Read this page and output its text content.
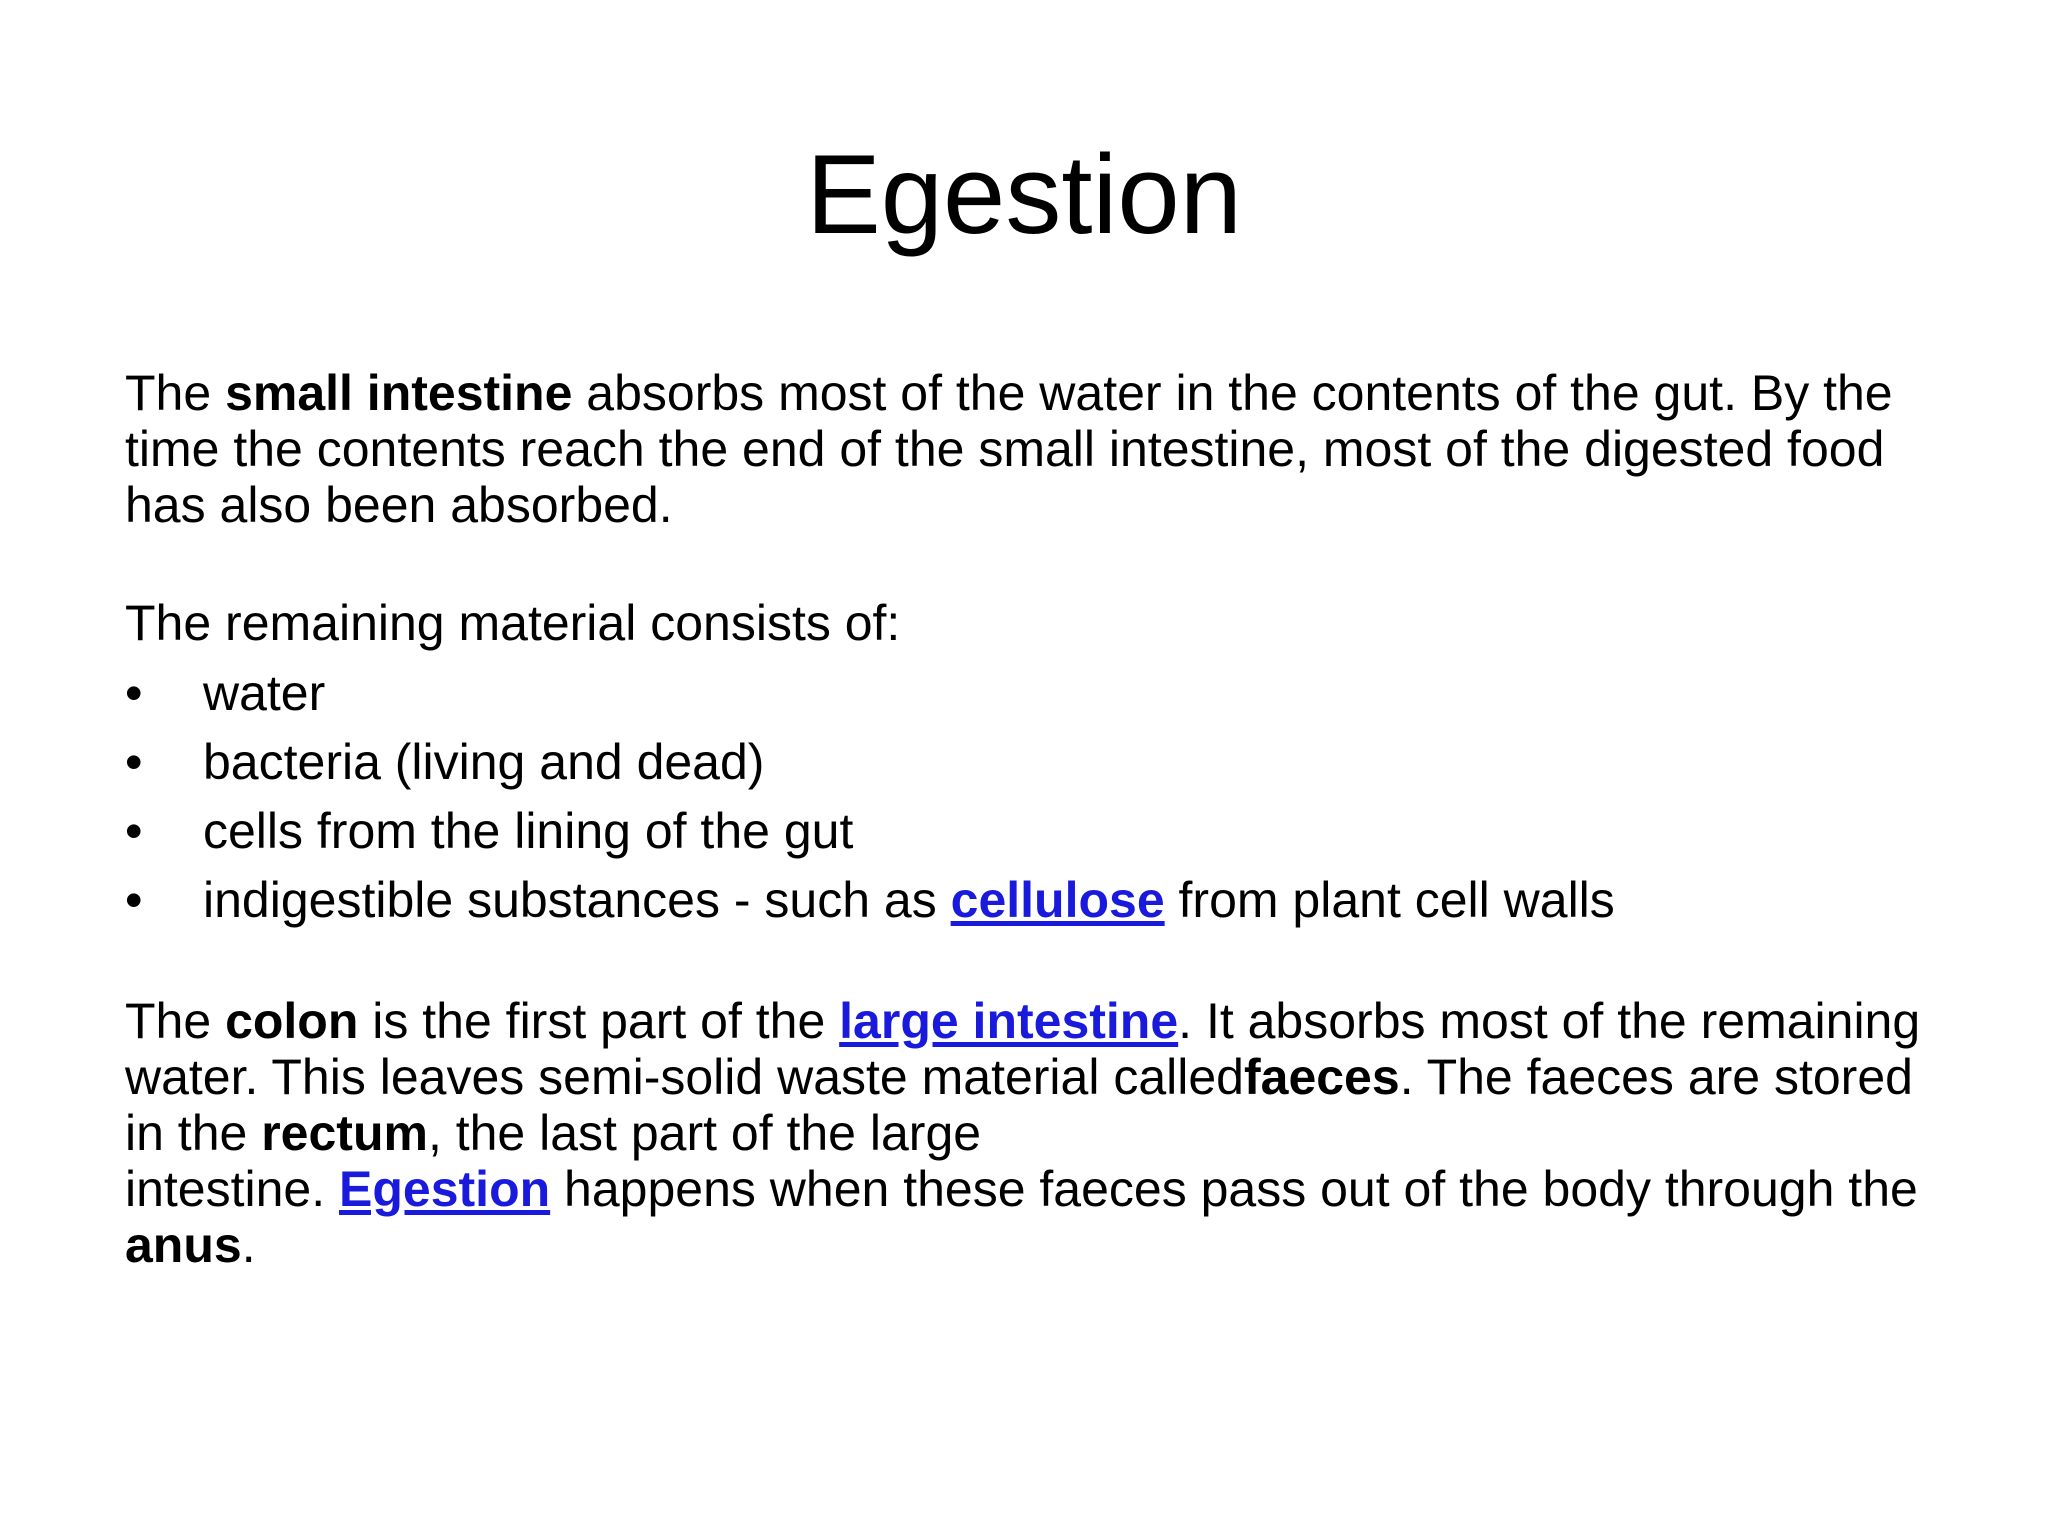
Egestion

The small intestine absorbs most of the water in the contents of the gut. By the time the contents reach the end of the small intestine, most of the digested food has also been absorbed.

The remaining material consists of:

• water
• bacteria (living and dead)
• cells from the lining of the gut
• indigestible substances - such as cellulose from plant cell walls

The colon is the first part of the large intestine. It absorbs most of the remaining water. This leaves semi-solid waste material calledfaeces. The faeces are stored in the rectum, the last part of the large
intestine. Egestion happens when these faeces pass out of the body through the anus.
